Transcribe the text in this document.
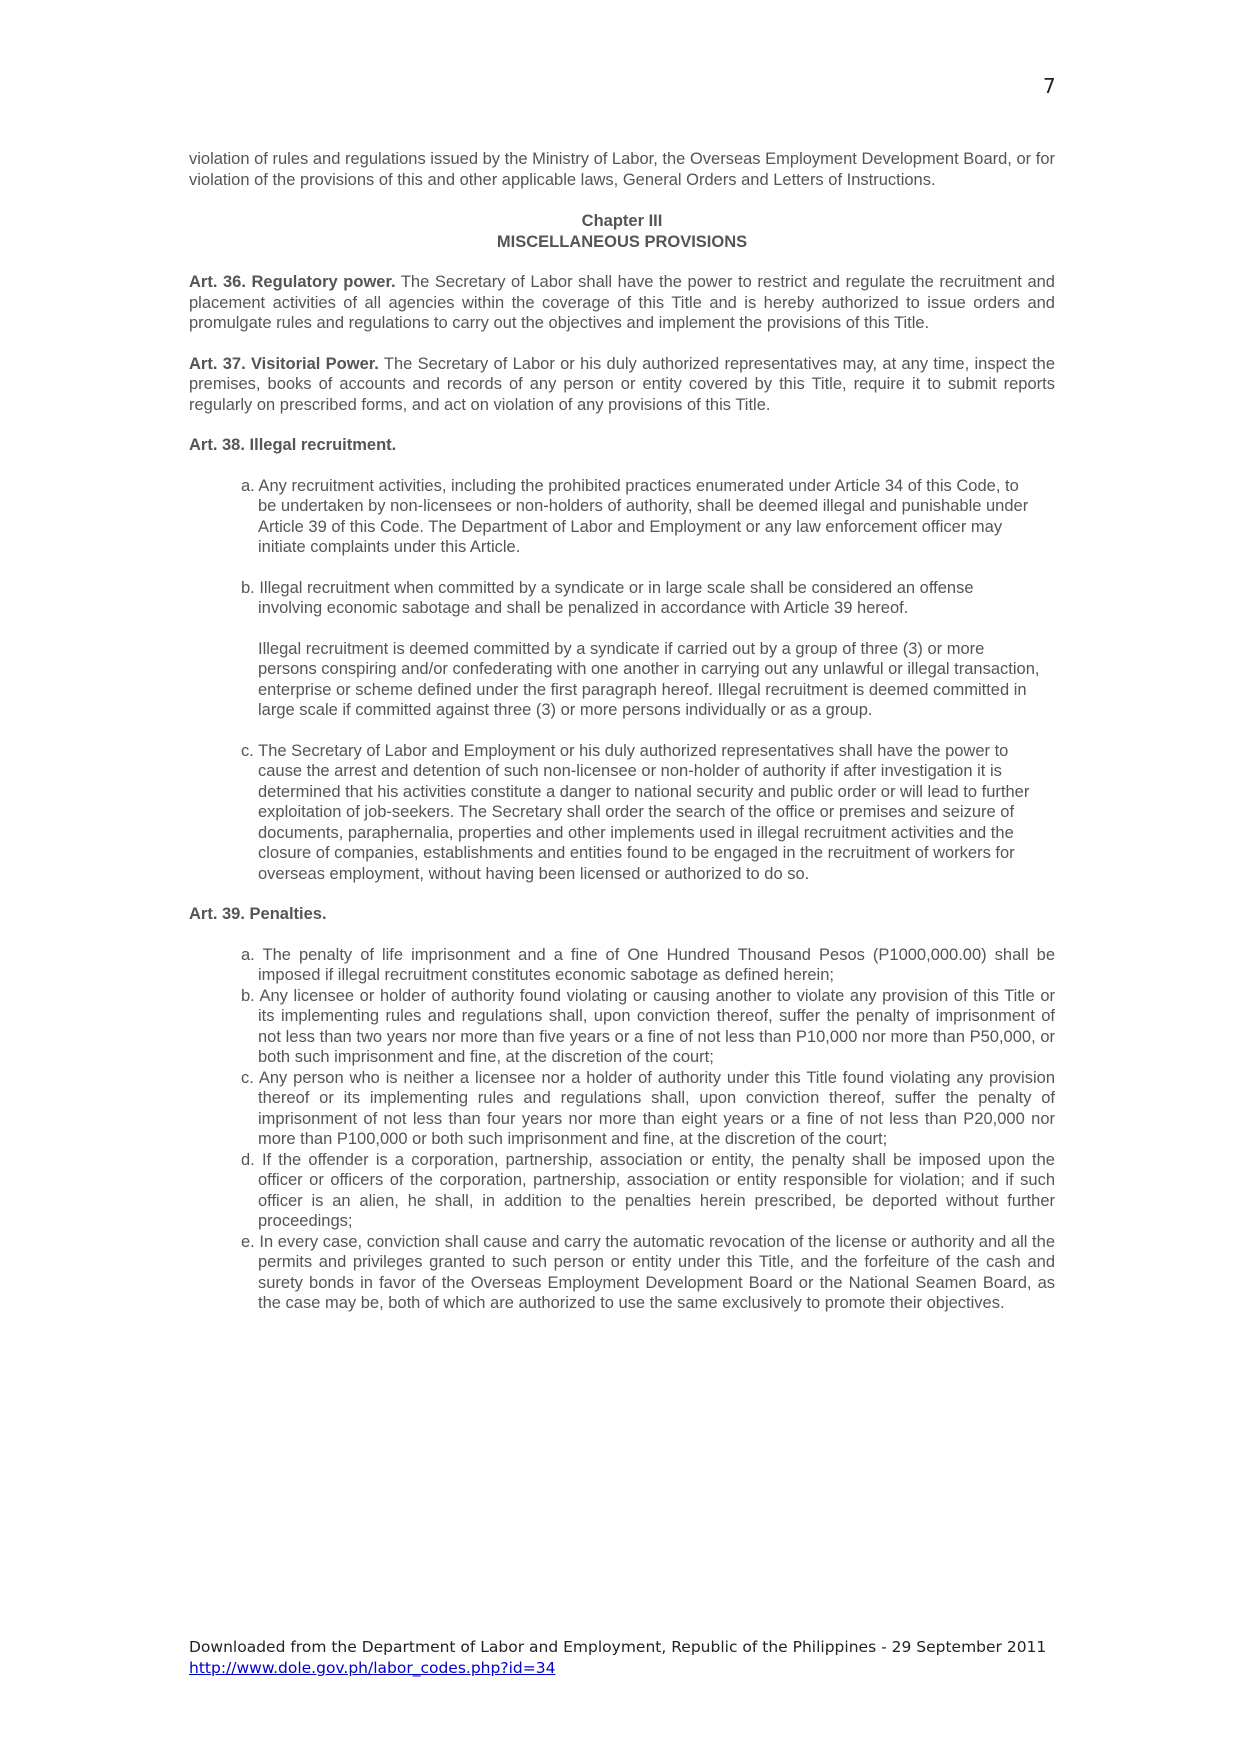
7

violation of rules and regulations issued by the Ministry of Labor, the Overseas Employment Development Board, or for violation of the provisions of this and other applicable laws, General Orders and Letters of Instructions.

Chapter III
MISCELLANEOUS PROVISIONS

Art. 36. Regulatory power. The Secretary of Labor shall have the power to restrict and regulate the recruitment and placement activities of all agencies within the coverage of this Title and is hereby authorized to issue orders and promulgate rules and regulations to carry out the objectives and implement the provisions of this Title.

Art. 37. Visitorial Power. The Secretary of Labor or his duly authorized representatives may, at any time, inspect the premises, books of accounts and records of any person or entity covered by this Title, require it to submit reports regularly on prescribed forms, and act on violation of any provisions of this Title.

Art. 38. Illegal recruitment.

a. Any recruitment activities, including the prohibited practices enumerated under Article 34 of this Code, to be undertaken by non-licensees or non-holders of authority, shall be deemed illegal and punishable under Article 39 of this Code. The Department of Labor and Employment or any law enforcement officer may initiate complaints under this Article.
b. Illegal recruitment when committed by a syndicate or in large scale shall be considered an offense involving economic sabotage and shall be penalized in accordance with Article 39 hereof.
Illegal recruitment is deemed committed by a syndicate if carried out by a group of three (3) or more persons conspiring and/or confederating with one another in carrying out any unlawful or illegal transaction, enterprise or scheme defined under the first paragraph hereof. Illegal recruitment is deemed committed in large scale if committed against three (3) or more persons individually or as a group.
c. The Secretary of Labor and Employment or his duly authorized representatives shall have the power to cause the arrest and detention of such non-licensee or non-holder of authority if after investigation it is determined that his activities constitute a danger to national security and public order or will lead to further exploitation of job-seekers. The Secretary shall order the search of the office or premises and seizure of documents, paraphernalia, properties and other implements used in illegal recruitment activities and the closure of companies, establishments and entities found to be engaged in the recruitment of workers for overseas employment, without having been licensed or authorized to do so.

Art. 39. Penalties.

a. The penalty of life imprisonment and a fine of One Hundred Thousand Pesos (P1000,000.00) shall be imposed if illegal recruitment constitutes economic sabotage as defined herein;
b. Any licensee or holder of authority found violating or causing another to violate any provision of this Title or its implementing rules and regulations shall, upon conviction thereof, suffer the penalty of imprisonment of not less than two years nor more than five years or a fine of not less than P10,000 nor more than P50,000, or both such imprisonment and fine, at the discretion of the court;
c. Any person who is neither a licensee nor a holder of authority under this Title found violating any provision thereof or its implementing rules and regulations shall, upon conviction thereof, suffer the penalty of imprisonment of not less than four years nor more than eight years or a fine of not less than P20,000 nor more than P100,000 or both such imprisonment and fine, at the discretion of the court;
d. If the offender is a corporation, partnership, association or entity, the penalty shall be imposed upon the officer or officers of the corporation, partnership, association or entity responsible for violation; and if such officer is an alien, he shall, in addition to the penalties herein prescribed, be deported without further proceedings;
e. In every case, conviction shall cause and carry the automatic revocation of the license or authority and all the permits and privileges granted to such person or entity under this Title, and the forfeiture of the cash and surety bonds in favor of the Overseas Employment Development Board or the National Seamen Board, as the case may be, both of which are authorized to use the same exclusively to promote their objectives.
Downloaded from the Department of Labor and Employment, Republic of the Philippines - 29 September 2011
http://www.dole.gov.ph/labor_codes.php?id=34
